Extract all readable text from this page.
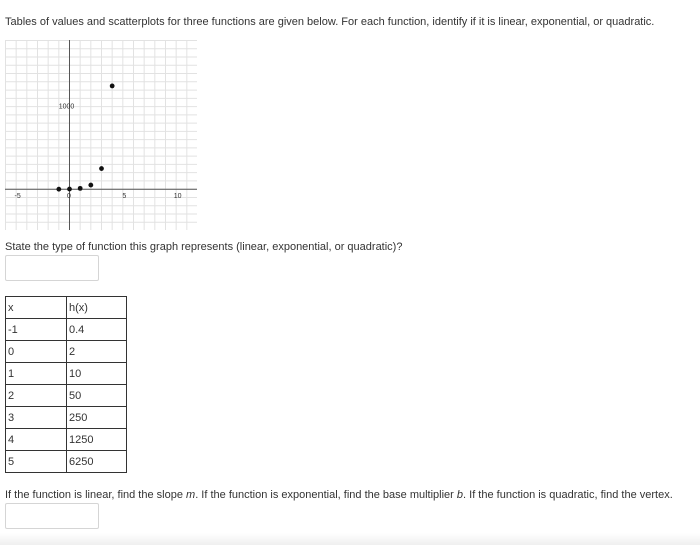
Tables of values and scatterplots for three functions are given below. For each function, identify if it is linear, exponential, or quadratic.

-5	0	5	10
1000

State the type of function this graph represents (linear, exponential, or quadratic)?

x	h(x)
-1	0.4
0	2
1	10
2	50
3	250
4	1250
5	6250

If the function is linear, find the slope m. If the function is exponential, find the base multiplier b. If the function is quadratic, find the vertex.
